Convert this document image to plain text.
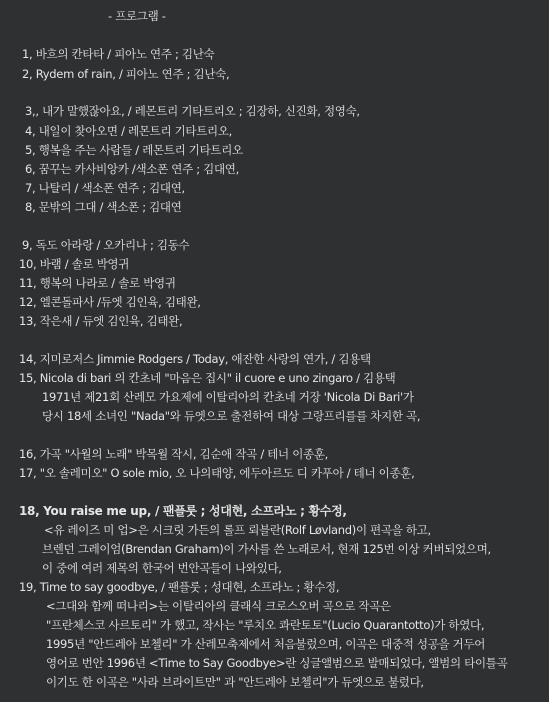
- 프로그램 -
1, 바흐의 칸타타 / 피아노 연주 ; 김난숙
2, Rydem of rain, / 피아노 연주 ; 김난숙,
3,, 내가 말했잖아요, / 레몬트리 기타트리오 ; 김장하, 신진화, 정영숙,
4, 내일이 찾아오면 / 레몬트리 기타트리오,
5, 행복을 주는 사람들 / 레몬트리 기타트리오
6, 꿈꾸는 카사비앙카 /색소폰 연주 ; 김대연,
7, 나탈리 / 색소폰 연주 ; 김대연,
8, 문밖의 그대 / 색소폰 ; 김대연
9, 독도 아라랑 / 오카리나 ; 김동수
10, 바램 / 솔로 박영귀
11, 행복의 나라로 / 솔로 박영귀
12, 엘콘돌파사 /듀엣 김인육, 김태완,
13, 작은새 / 듀엣 김인육, 김태완,
14, 지미로저스 Jimmie Rodgers / Today, 애잔한 사랑의 연가, / 김용택
15, Nicola di bari 의 칸초네 "마음은 집시" il cuore e uno zingaro / 김용택
1971년 제21회 산레모 가요제에 이탈리아의 칸초네 거장 'Nicola Di Bari'가
당시 18세 소녀인 "Nada"와 듀엣으로 출전하여 대상 그랑프리를를 차지한 곡,
16, 가곡 "사월의 노래" 박목월 작시, 김순애 작곡 / 테너 이종훈,
17, "오 솔레미오" O sole mio, 오 나의태양, 에두아르도 디 카푸아 / 테너 이종훈,
18, You raise me up, / 팬플룻 ; 성대현, 소프라노 ; 황수정,
<유 레이즈 미 업>은 시크릿 가든의 롤프 뢰블란(Rolf Løvland)이 편곡을 하고,
브렌던 그레이엄(Brendan Graham)이 가사를 쓴 노래로서, 현재 125번 이상 커버되었으며,
이 중에 여러 제목의 한국어 번안곡들이 나와있다,
19, Time to say goodbye, / 팬플룻 ; 성대현, 소프라노 ; 황수정,
<그대와 함께 떠나리>는 이탈리아의 클래식 크로스오버 곡으로 작곡은
"프란체스코 사르토리" 가 했고, 작사는 "루치오 콰란토토"(Lucio Quarantotto)가 하였다,
1995년 "안드레아 보첼리" 가 산레모축제에서 처음불렀으며, 이곡은 대중적 성공을 거두어
영어로 번안 1996년 <Time to Say Goodbye>란 싱글앨범으로 발매되었다, 앨범의 타이틀곡
이기도 한 이곡은 "사라 브라이트만" 과 "안드레아 보첼리"가 듀엣으로 불렀다,
